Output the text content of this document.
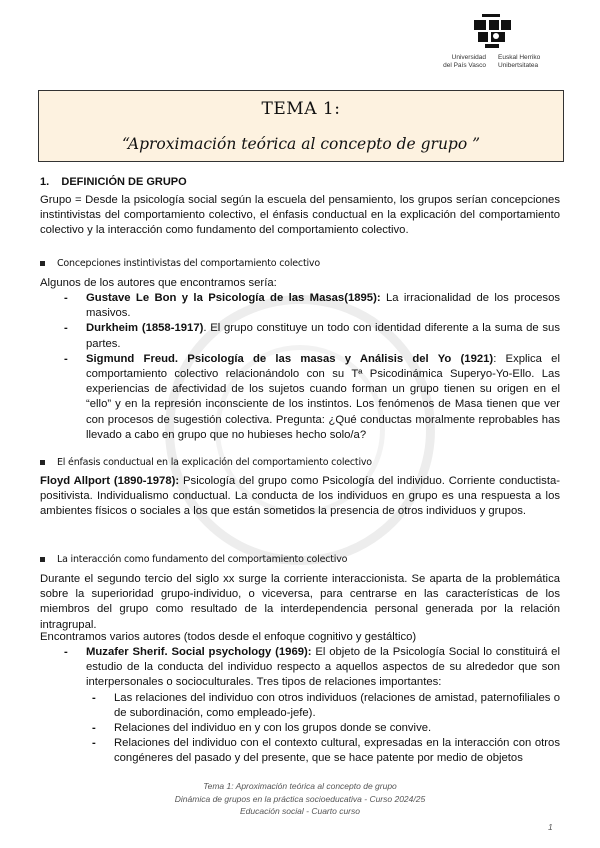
Universidad
del País Vasco
Euskal Herriko
Unibertsitatea
TEMA 1:
“Aproximación teórica al concepto de grupo ”
1.    DEFINICIÓN DE GRUPO
Grupo = Desde la psicología social según la escuela del pensamiento, los grupos serían concepciones instintivistas del comportamiento colectivo, el énfasis conductual en la explicación del comportamiento colectivo y la interacción como fundamento del comportamiento colectivo.
Concepciones instintivistas del comportamiento colectivo
Algunos de los autores que encontramos sería:
- Gustave Le Bon y la Psicología de las Masas(1895): La irracionalidad de los procesos masivos.
- Durkheim (1858-1917). El grupo constituye un todo con identidad diferente a la suma de sus partes.
- Sigmund Freud. Psicología de las masas y Análisis del Yo (1921): Explica el comportamiento colectivo relacionándolo con su Tª Psicodinámica Superyo-Yo-Ello. Las experiencias de afectividad de los sujetos cuando forman un grupo tienen su origen en el “ello” y en la represión inconsciente de los instintos. Los fenómenos de Masa tienen que ver con procesos de sugestión colectiva. Pregunta: ¿Qué conductas moralmente reprobables has llevado a cabo en grupo que no hubieses hecho solo/a?
El énfasis conductual en la explicación del comportamiento colectivo
Floyd Allport (1890-1978): Psicología del grupo como Psicología del individuo. Corriente conductista-positivista. Individualismo conductual. La conducta de los individuos en grupo es una respuesta a los ambientes físicos o sociales a los que están sometidos la presencia de otros individuos y grupos.
La interacción como fundamento del comportamiento colectivo
Durante el segundo tercio del siglo xx surge la corriente interaccionista. Se aparta de la problemática sobre la superioridad grupo-individuo, o viceversa, para centrarse en las características de los miembros del grupo como resultado de la interdependencia personal generada por la relación intragrupal.
Encontramos varios autores (todos desde el enfoque cognitivo y gestáltico)
- Muzafer Sherif. Social psychology (1969): El objeto de la Psicología Social lo constituirá el estudio de la conducta del individuo respecto a aquellos aspectos de su alrededor que son interpersonales o socioculturales. Tres tipos de relaciones importantes:
- Las relaciones del individuo con otros individuos (relaciones de amistad, paternofiliales o de subordinación, como empleado-jefe).
- Relaciones del individuo en y con los grupos donde se convive.
- Relaciones del individuo con el contexto cultural, expresadas en la interacción con otros congéneres del pasado y del presente, que se hace patente por medio de objetos
Tema 1: Aproximación teórica al concepto de grupo
Dinámica de grupos en la práctica socioeducativa - Curso 2024/25
Educación social - Cuarto curso
1
